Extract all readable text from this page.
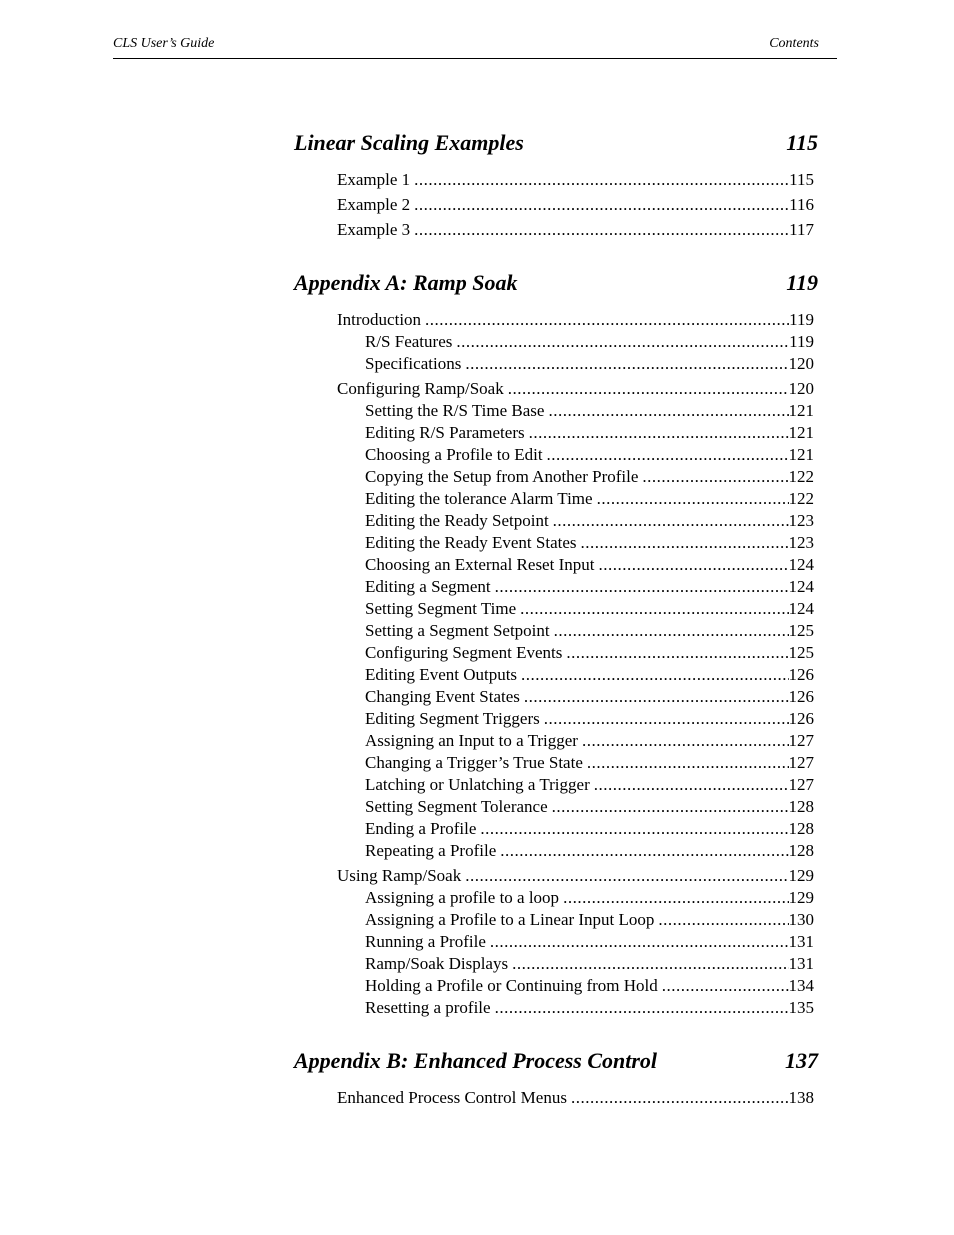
CLS User’s Guide	Contents
Linear Scaling Examples	115
Example 1 .....	115
Example 2 .....	116
Example 3 .....	117
Appendix A: Ramp Soak	119
Introduction .....	119
R/S Features .....	119
Specifications .....	120
Configuring Ramp/Soak .....	120
Setting the R/S Time Base .....	121
Editing R/S Parameters .....	121
Choosing a Profile to Edit .....	121
Copying the Setup from Another Profile .....	122
Editing the tolerance Alarm Time .....	122
Editing the Ready Setpoint .....	123
Editing the Ready Event States .....	123
Choosing an External Reset Input .....	124
Editing a Segment .....	124
Setting Segment Time .....	124
Setting a Segment Setpoint .....	125
Configuring Segment Events .....	125
Editing Event Outputs .....	126
Changing Event States .....	126
Editing Segment Triggers .....	126
Assigning an Input to a Trigger .....	127
Changing a Trigger’s True State .....	127
Latching or Unlatching a Trigger .....	127
Setting Segment Tolerance .....	128
Ending a Profile .....	128
Repeating a Profile .....	128
Using Ramp/Soak .....	129
Assigning a profile to a loop .....	129
Assigning a Profile to a Linear Input Loop .....	130
Running a Profile .....	131
Ramp/Soak Displays .....	131
Holding a Profile or Continuing from Hold .....	134
Resetting a profile .....	135
Appendix B: Enhanced Process Control	137
Enhanced Process Control Menus .....	138
